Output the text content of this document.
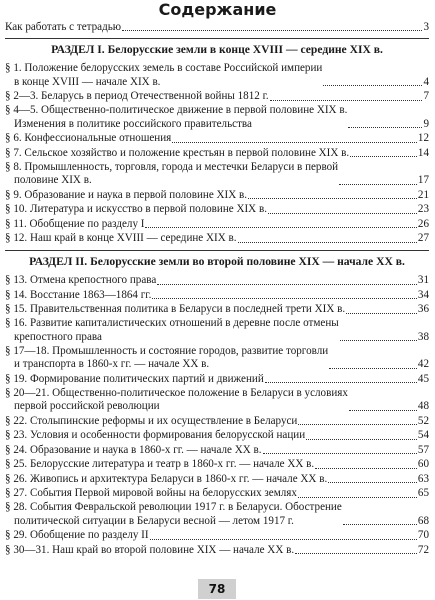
Содержание
Как работать с тетрадью	3
РАЗДЕЛ I. Белорусские земли в конце XVIII — середине XIX в.
§ 1. Положение белорусских земель в составе Российской империи
в конце XVIII — начале XIX в.	4
§ 2—3. Беларусь в период Отечественной войны 1812 г.	7
§ 4—5. Общественно-политическое движение в первой половине XIX в.
Изменения в политике российского правительства	9
§ 6. Конфессиональные отношения	12
§ 7. Сельское хозяйство и положение крестьян в первой половине XIX в.	14
§ 8. Промышленность, торговля, города и местечки Беларуси в первой
половине XIX в.	17
§ 9. Образование и наука в первой половине XIX в.	21
§ 10. Литература и искусство в первой половине XIX в.	23
§ 11. Обобщение по разделу I	26
§ 12. Наш край в конце XVIII — середине XIX в.	27
РАЗДЕЛ II. Белорусские земли во второй половине XIX — начале XX в.
§ 13. Отмена крепостного права	31
§ 14. Восстание 1863—1864 гг.	34
§ 15. Правительственная политика в Беларуси в последней трети XIX в.	36
§ 16. Развитие капиталистических отношений в деревне после отмены
крепостного права	38
§ 17—18. Промышленность и состояние городов, развитие торговли
и транспорта в 1860-х гг. — начале XX в.	42
§ 19. Формирование политических партий и движений	45
§ 20—21. Общественно-политическое положение в Беларуси в условиях
первой российской революции	48
§ 22. Столыпинские реформы и их осуществление в Беларуси	52
§ 23. Условия и особенности формирования белорусской нации	54
§ 24. Образование и наука в 1860-х гг. — начале XX в.	57
§ 25. Белорусские литература и театр в 1860-х гг. — начале XX в.	60
§ 26. Живопись и архитектура Беларуси в 1860-х гг. — начале XX в.	63
§ 27. События Первой мировой войны на белорусских землях	65
§ 28. События Февральской революции 1917 г. в Беларуси. Обострение
политической ситуации в Беларуси весной — летом 1917 г.	68
§ 29. Обобщение по разделу II	70
§ 30—31. Наш край во второй половине XIX — начале XX в.	72
78
